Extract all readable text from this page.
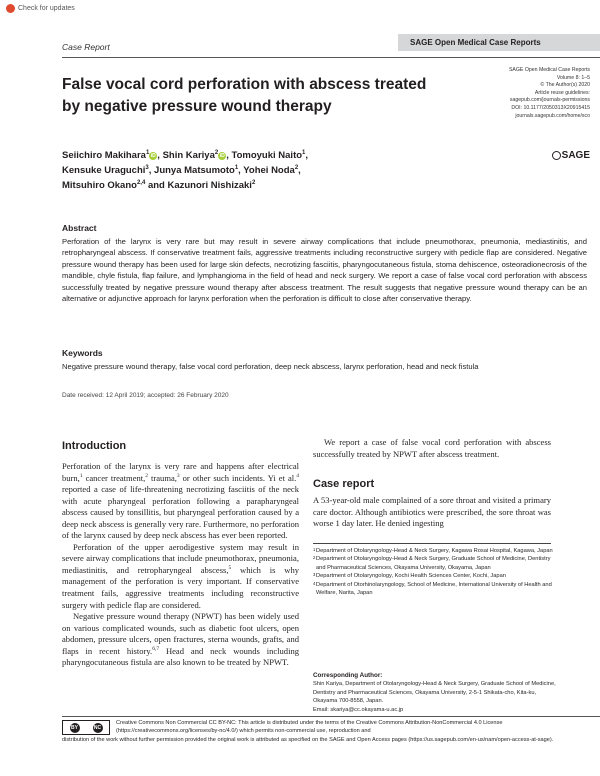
Check for updates
SAGE Open Medical Case Reports
Case Report
False vocal cord perforation with abscess treated by negative pressure wound therapy
SAGE Open Medical Case Reports
Volume 8: 1–5
© The Author(s) 2020
Article reuse guidelines:
sagepub.com/journals-permissions
DOI: 10.1177/2050313X20915415
journals.sagepub.com/home/sco
SAGE
Seiichiro Makihara$^1$iD , Shin Kariya$^2$iD , Tomoyuki Naito$^1$,
Kensuke Uraguchi$^3$, Junya Matsumoto$^1$, Yohei Noda$^2$,
Mitsuhiro Okano$^{2,4}$ and Kazunori Nishizaki$^2$
Abstract
Perforation of the larynx is very rare but may result in severe airway complications that include pneumothorax, pneumonia, mediastinitis, and retropharyngeal abscess. If conservative treatment fails, aggressive treatments including reconstructive surgery with pedicle flap are considered. Negative pressure wound therapy has been used for large skin defects, necrotizing fasciitis, pharyngocutaneous fistula, stoma dehiscence, osteoradionecrosis of the mandible, chyle fistula, flap failure, and lymphangioma in the field of head and neck surgery. We report a case of false vocal cord perforation with abscess successfully treated by negative pressure wound therapy after abscess treatment. The result suggests that negative pressure wound therapy can be an alternative or adjunctive approach for larynx perforation when the perforation is difficult to close after conservative therapy.
Keywords
Negative pressure wound therapy, false vocal cord perforation, deep neck abscess, larynx perforation, head and neck fistula
Date received: 12 April 2019; accepted: 26 February 2020
Introduction

Perforation of the larynx is very rare and happens after electrical burn,$^1$ cancer treatment,$^2$ trauma,$^3$ or other such incidents. Yi et al.$^4$ reported a case of life-threatening necrotizing fasciitis of the neck with acute pharyngeal perforation following a parapharyngeal abscess caused by tonsillitis, but pharyngeal perforation caused by a deep neck abscess is generally very rare. Furthermore, no perforation of the larynx caused by deep neck abscess has ever been reported.

Perforation of the upper aerodigestive system may result in severe airway complications that include pneumothorax, pneumonia, mediastinitis, and retropharyngeal abscess,$^5$ which is why management of the perforation is very important. If conservative treatment fails, aggressive treatments including reconstructive surgery with pedicle flap are considered.

Negative pressure wound therapy (NPWT) has been widely used on various complicated wounds, such as diabetic foot ulcers, open abdomen, pressure ulcers, open fractures, sterna wounds, grafts, and flaps in recent history.$^{6,7}$ Head and neck wounds including pharyngocutaneous fistula are also known to be treated by NPWT.

We report a case of false vocal cord perforation with abscess successfully treated by NPWT after abscess treatment.

Case report

A 53-year-old male complained of a sore throat and visited a primary care doctor. Although antibiotics were prescribed, the sore throat was worse 1 day later. He denied ingesting

1 Department of Otolaryngology-Head & Neck Surgery, Kagawa Rosai Hospital, Kagawa, Japan
2 Department of Otolaryngology-Head & Neck Surgery, Graduate School of Medicine, Dentistry and Pharmaceutical Sciences, Okayama University, Okayama, Japan
3 Department of Otolaryngology, Kochi Health Sciences Center, Kochi, Japan
4 Department of Otorhinolaryngology, School of Medicine, International University of Health and Welfare, Narita, Japan
Corresponding Author:
Shin Kariya, Department of Otolaryngology-Head & Neck Surgery, Graduate School of Medicine, Dentistry and Pharmaceutical Sciences, Okayama University, 2-5-1 Shikata-cho, Kita-ku, Okayama 700-8558, Japan.
Email: skariya@cc.okayama-u.ac.jp
BY	NC
Creative Commons Non Commercial CC BY-NC: This article is distributed under the terms of the Creative Commons Attribution-NonCommercial 4.0 License (https://creativecommons.org/licenses/by-nc/4.0/) which permits non-commercial use, reproduction and
distribution of the work without further permission provided the original work is attributed as specified on the SAGE and Open Access pages (https://us.sagepub.com/en-us/nam/open-access-at-sage).
